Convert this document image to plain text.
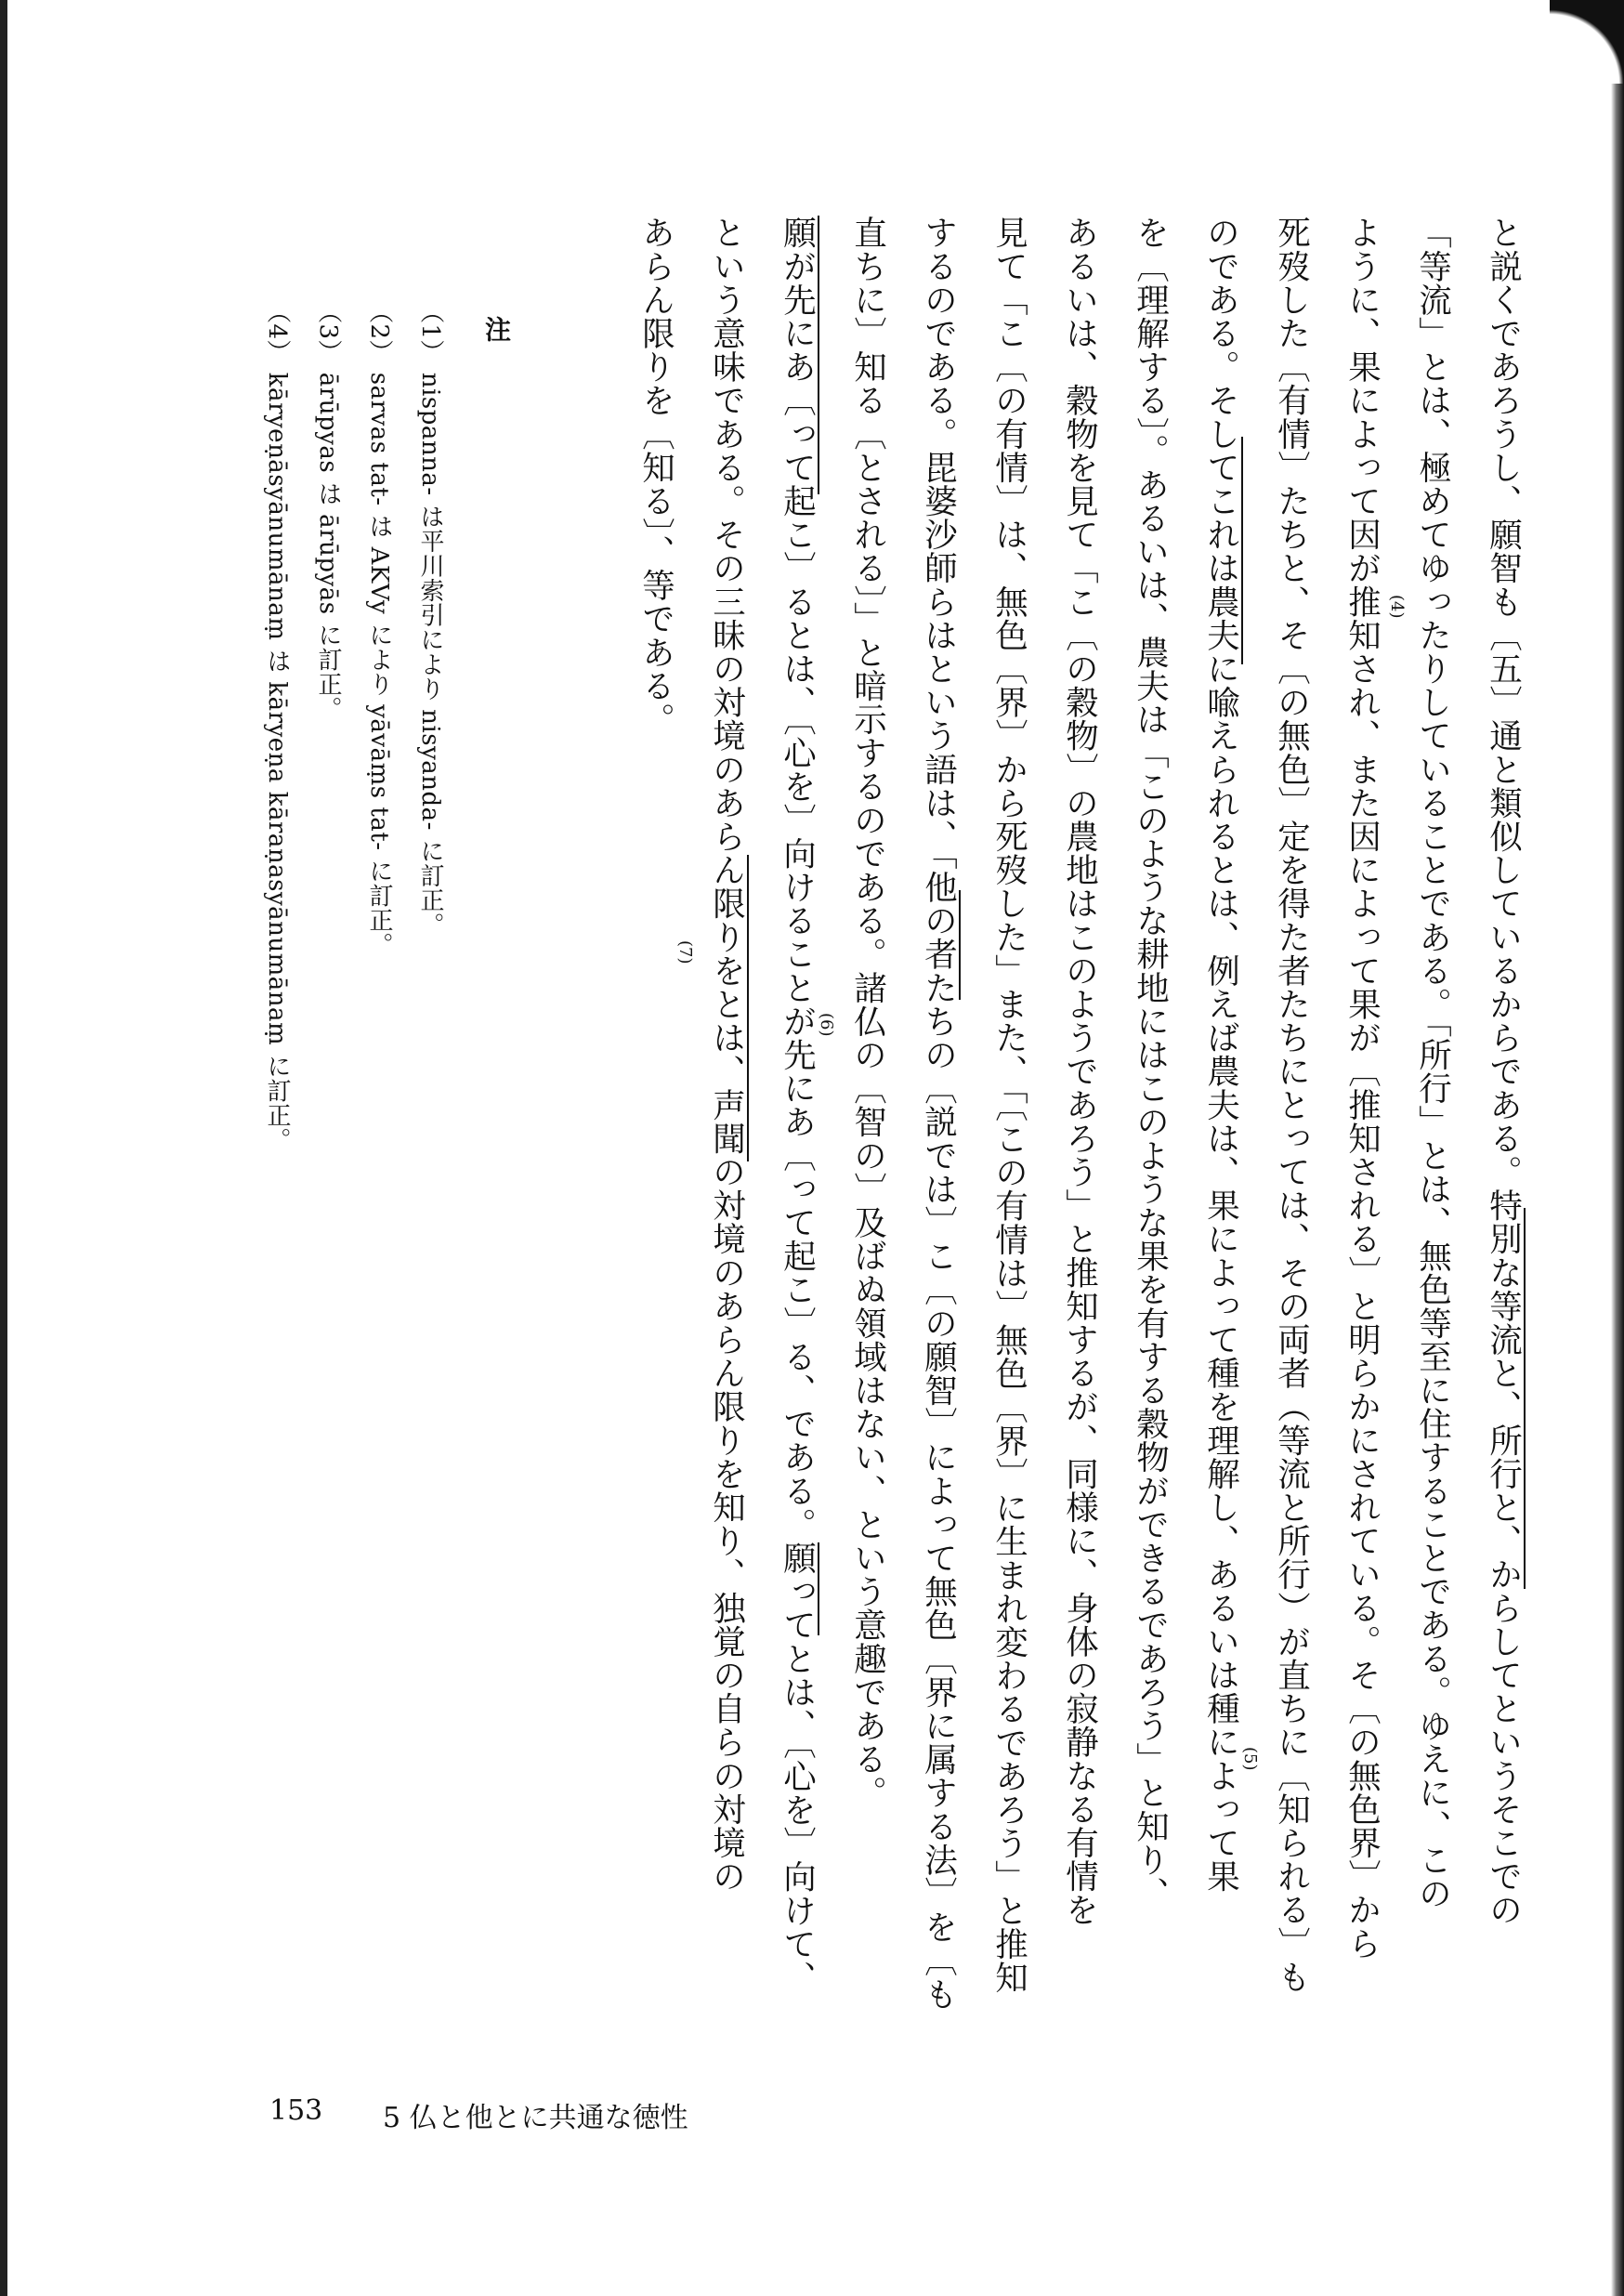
と説くであろうし、願智も〔五〕通と類似しているからである。特別な等流と、所行と、からしてというそこでの
「等流」とは、極めてゆったりしていることである。「所行」とは、無色等至に住することである。ゆえに、この
ように、果によって因が推知され、また因によって果が〔推知される〕と明らかにされている。そ〔の無色界〕から
死歿した〔有情〕たちと、そ〔の無色〕定を得た者たちにとっては、その両者（等流と所行）が直ちに〔知られる〕も
のである。そしてこれは農夫に喩えられるとは、例えば農夫は、果によって種を理解し、あるいは種によって果
を〔理解する〕。あるいは、農夫は「このような耕地にはこのような果を有する穀物ができるであろう」と知り、
あるいは、穀物を見て「こ〔の穀物〕の農地はこのようであろう」と推知するが、同様に、身体の寂静なる有情を
見て「こ〔の有情〕は、無色〔界〕から死歿した」また、「〔この有情は〕無色〔界〕に生まれ変わるであろう」と推知
するのである。毘婆沙師らはという語は、「他の者たちの〔説では〕こ〔の願智〕によって無色〔界に属する法〕を〔も
直ちに〕知る〔とされる〕」と暗示するのである。諸仏の〔智の〕及ばぬ領域はない、という意趣である。
願が先にあ〔って起こ〕るとは、〔心を〕向けることが先にあ〔って起こ〕る、である。願ってとは、〔心を〕向けて、
という意味である。その三昧の対境のあらん限りをとは、声聞の対境のあらん限りを知り、独覚の自らの対境の
あらん限りを〔知る〕、等である。	(4)
(5)
(6)
(7)
注
（1） nispanna- は平川索引により nisyanda- に訂正。
（2） sarvas tat- は AKVy により yāvāṃs tat- に訂正。
（3） ārūpyas は ārūpyās に訂正。
（4） kāryeṇāsyānumānaṃ は kāryeṇa kāraṇasyānumānaṃ に訂正。
153 5 仏と他とに共通な徳性
